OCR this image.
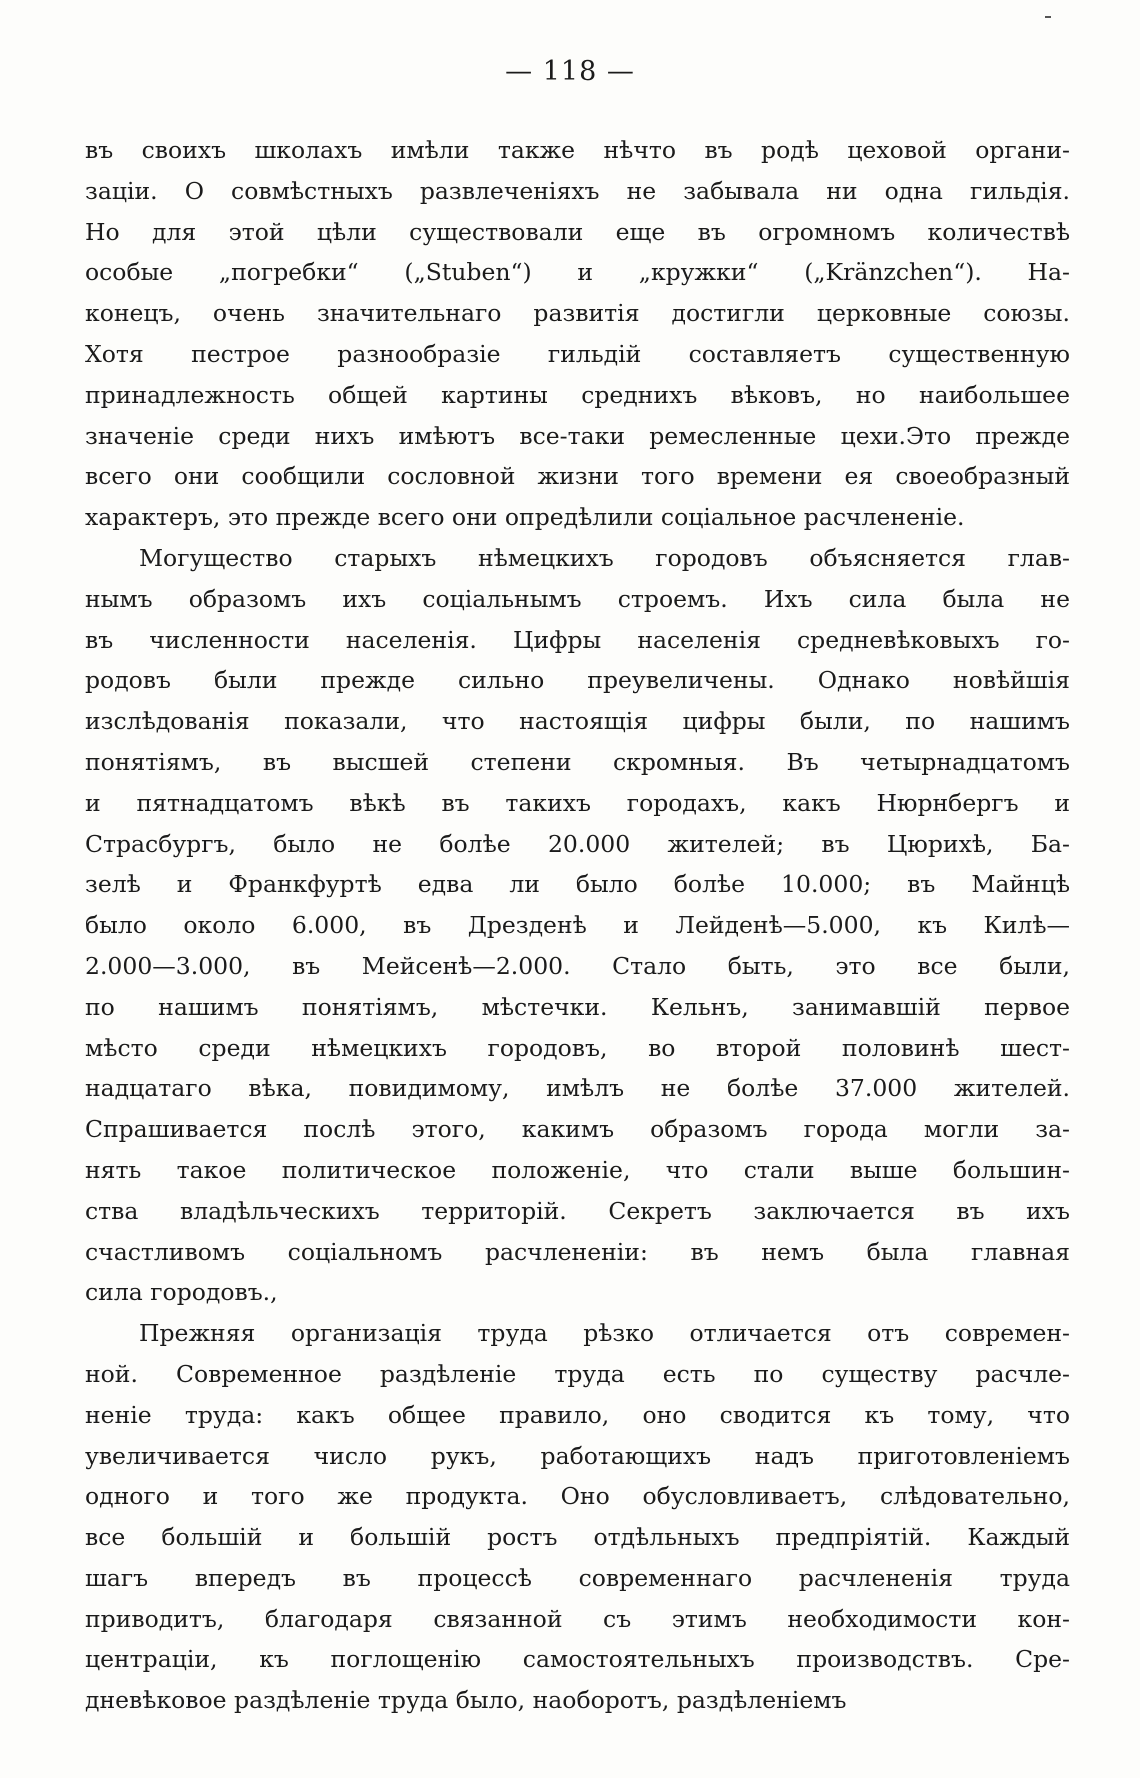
— 118 —
въ своихъ школахъ имѣли также нѣчто въ родѣ цеховой органи-
заціи. О совмѣстныхъ развлеченіяхъ не забывала ни одна гильдія.
Но для этой цѣли существовали еще въ огромномъ количествѣ
особые „погребки“ („Stuben“) и „кружки“ („Kränzchen“). На-
конецъ, очень значительнаго развитія достигли церковные союзы.
Хотя пестрое разнообразіе гильдій составляетъ существенную
принадлежность общей картины среднихъ вѣковъ, но наибольшее
значеніе среди нихъ имѣютъ все-таки ремесленные цехи.Это прежде
всего они сообщили сословной жизни того времени ея своеобразный
характеръ, это прежде всего они опредѣлили соціальное расчлененіе.
Могущество старыхъ нѣмецкихъ городовъ объясняется глав-
нымъ образомъ ихъ соціальнымъ строемъ. Ихъ сила была не
въ численности населенія. Цифры населенія средневѣковыхъ го-
родовъ были прежде сильно преувеличены. Однако новѣйшія
изслѣдованія показали, что настоящія цифры были, по нашимъ
понятіямъ, въ высшей степени скромныя. Въ четырнадцатомъ
и пятнадцатомъ вѣкѣ въ такихъ городахъ, какъ Нюрнбергъ и
Страсбургъ, было не болѣе 20.000 жителей; въ Цюрихѣ, Ба-
зелѣ и Франкфуртѣ едва ли было болѣе 10.000; въ Майнцѣ
было около 6.000, въ Дрезденѣ и Лейденѣ—5.000, къ Килѣ—
2.000—3.000, въ Мейсенѣ—2.000. Стало быть, это все были,
по нашимъ понятіямъ, мѣстечки. Кельнъ, занимавшій первое
мѣсто среди нѣмецкихъ городовъ, во второй половинѣ шест-
надцатаго вѣка, повидимому, имѣлъ не болѣе 37.000 жителей.
Спрашивается послѣ этого, какимъ образомъ города могли за-
нять такое политическое положеніе, что стали выше большин-
ства владѣльческихъ территорій. Секретъ заключается въ ихъ
счастливомъ соціальномъ расчлененіи: въ немъ была главная
сила городовъ.,
Прежняя организація труда рѣзко отличается отъ современ-
ной. Современное раздѣленіе труда есть по существу расчле-
неніе труда: какъ общее правило, оно сводится къ тому, что
увеличивается число рукъ, работающихъ надъ приготовленіемъ
одного и того же продукта. Оно обусловливаетъ, слѣдовательно,
все большій и большій ростъ отдѣльныхъ предпріятій. Каждый
шагъ впередъ въ процессѣ современнаго расчлененія труда
приводитъ, благодаря связанной съ этимъ необходимости кон-
центраціи, къ поглощенію самостоятельныхъ производствъ. Сре-
дневѣковое раздѣленіе труда было, наоборотъ, раздѣленіемъ
